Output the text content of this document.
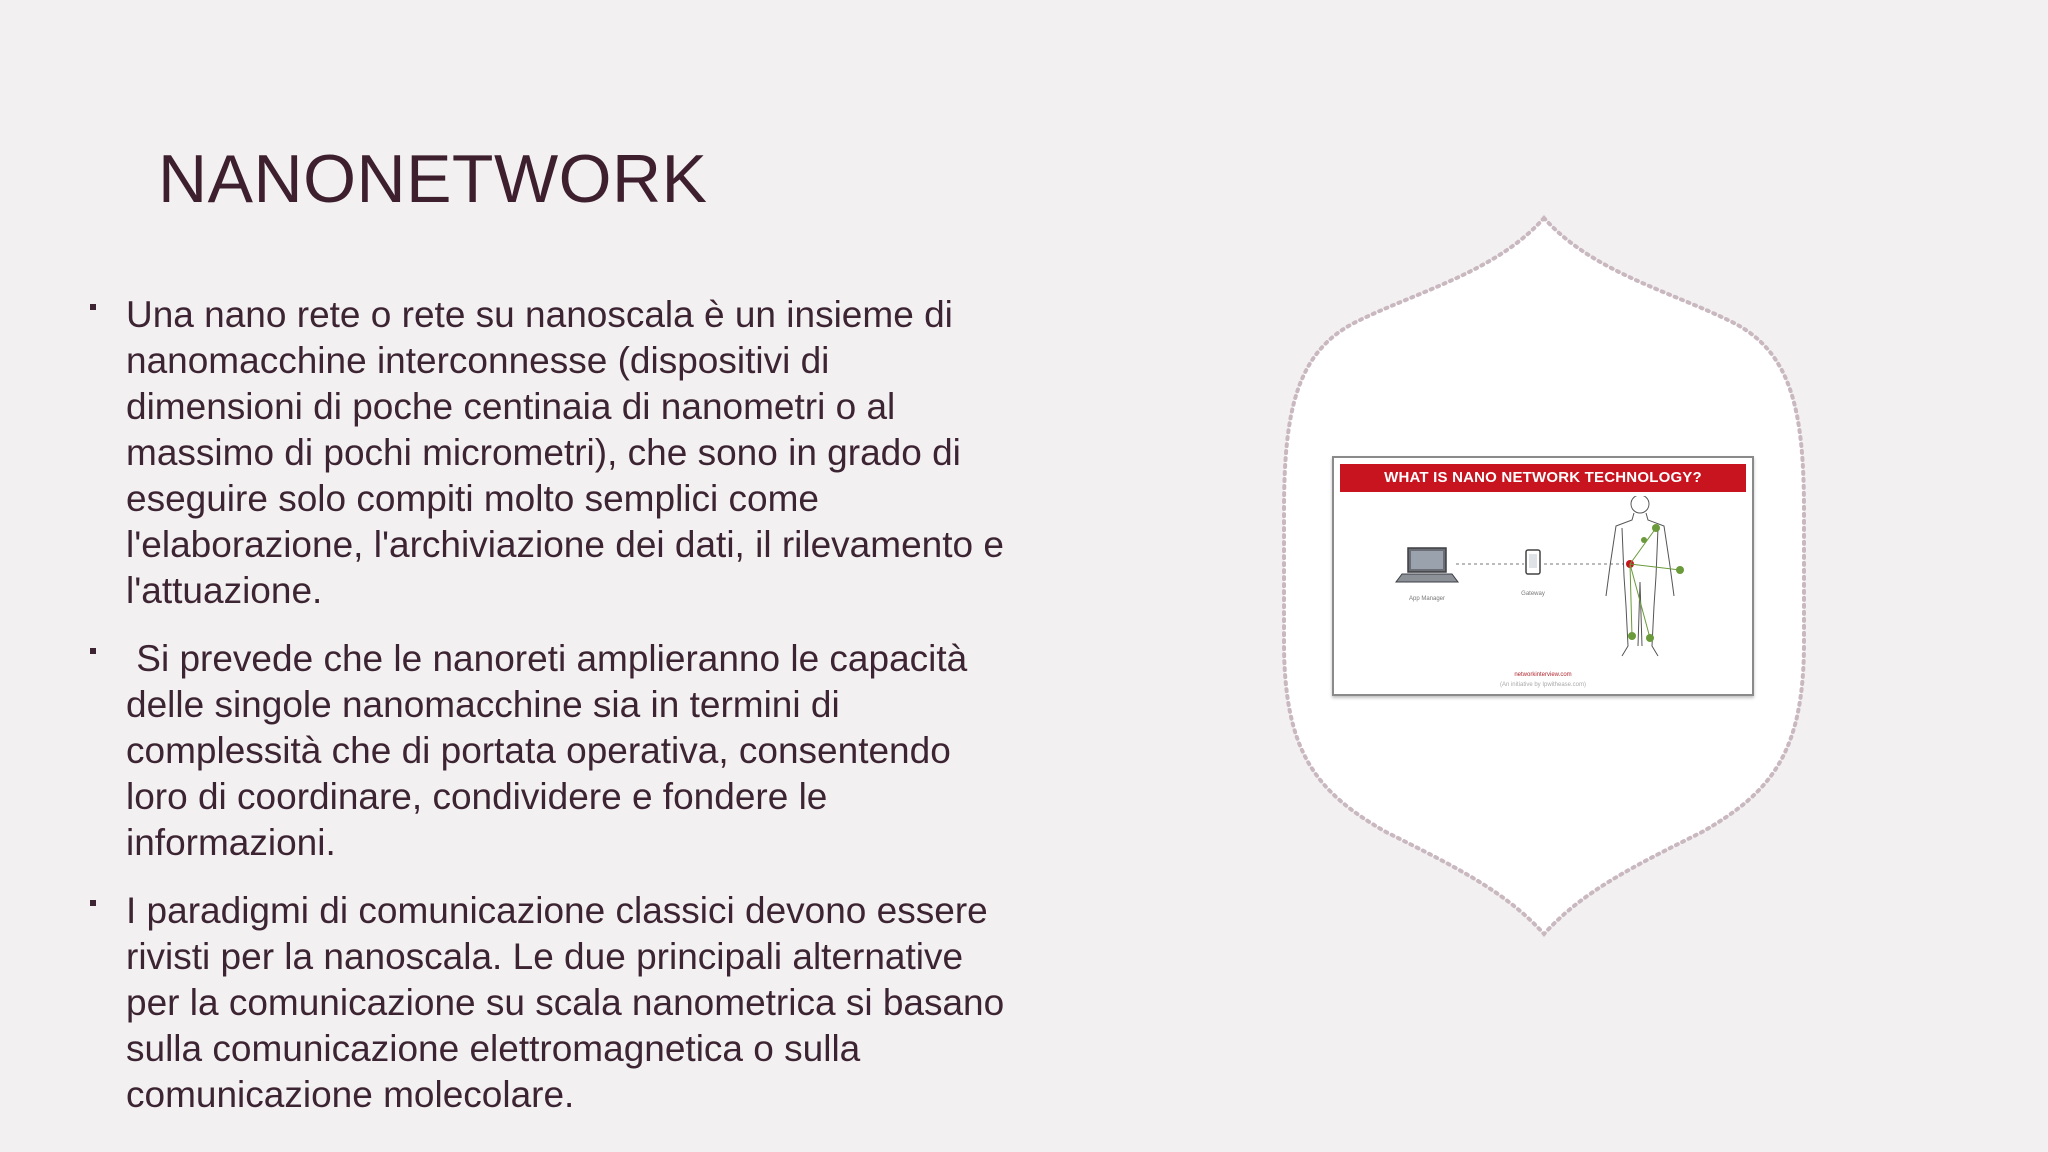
NANONETWORK
Una nano rete o rete su nanoscala è un insieme di nanomacchine interconnesse (dispositivi di dimensioni di poche centinaia di nanometri o al massimo di pochi micrometri), che sono in grado di eseguire solo compiti molto semplici come l'elaborazione, l'archiviazione dei dati, il rilevamento e l'attuazione.
Si prevede che le nanoreti amplieranno le capacità delle singole nanomacchine sia in termini di complessità che di portata operativa, consentendo loro di coordinare, condividere e fondere le informazioni.
I paradigmi di comunicazione classici devono essere rivisti per la nanoscala. Le due principali alternative per la comunicazione su scala nanometrica si basano sulla comunicazione elettromagnetica o sulla comunicazione molecolare.
WHAT IS NANO NETWORK TECHNOLOGY?
App Manager
Gateway
networkinterview.com
(An initiative by Ipwithease.com)
